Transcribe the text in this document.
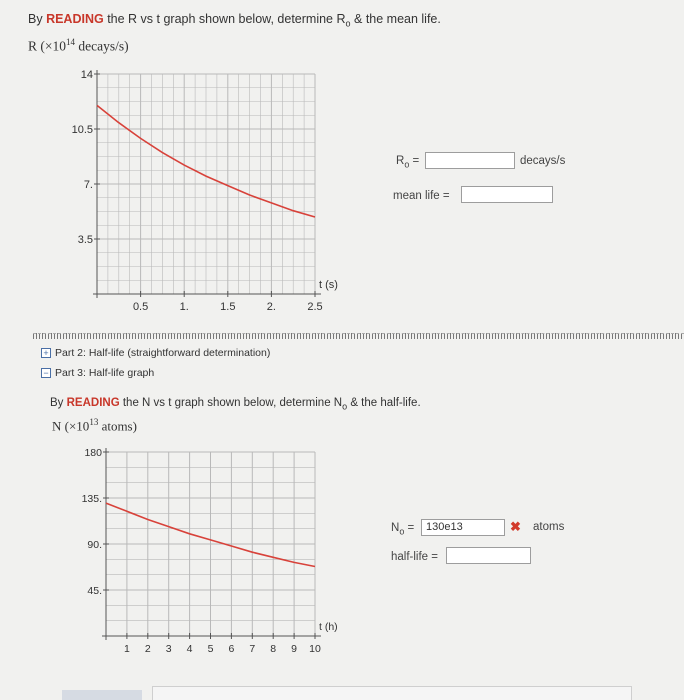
By READING the R vs t graph shown below, determine $R_o$ & the mean life.
R ($\times 10^{14}$ decays/s)
0.5	1.	1.5	2.	2.5
3.5
7.
10.5
14
t (s)
$R_o$ =	decays/s
mean life =
+ Part 2: Half-life (straightforward determination)
− Part 3: Half-life graph
By READING the N vs t graph shown below, determine $N_o$ & the half-life.
N ($\times 10^{13}$ atoms)
1 2 3 4 5 6 7 8 9 10
45.
90.
135.
180
t (h)
$N_o$ =	130e13	✖ atoms
half-life =
